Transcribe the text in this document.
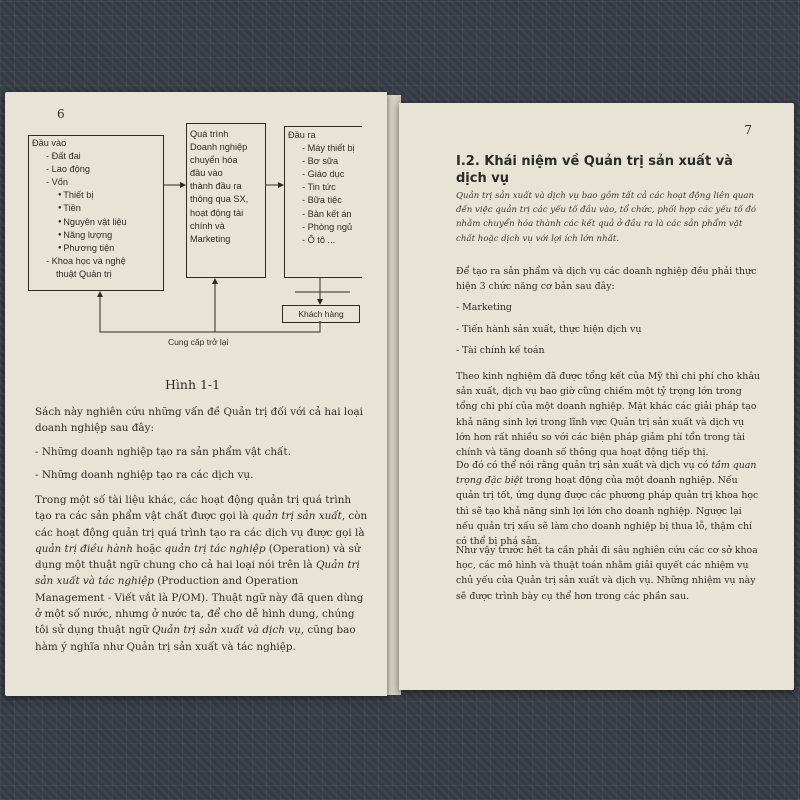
6
Đầu vào
- Đất đai
- Lao động
- Vốn
● Thiết bị
● Tiền
● Nguyên vật liệu
● Năng lượng
● Phương tiện
- Khoa học và nghệ
thuật Quản trị
Quá trình
Doanh nghiệp
chuyển hóa
đầu vào
thành đầu ra
thông qua SX,
hoạt động tài
chính và
Marketing
Đầu ra
- Máy thiết bị
- Bơ sữa
- Giáo dục
- Tin tức
- Bữa tiệc
- Bản kết án
- Phòng ngủ
- Ô tô ...
Khách hàng
Cung cấp trở lại
Hình 1-1
Sách này nghiên cứu những vấn đề Quản trị đối với cả hai loại doanh nghiệp sau đây:
- Những doanh nghiệp tạo ra sản phẩm vật chất.
- Những doanh nghiệp tạo ra các dịch vụ.

Trong một số tài liệu khác, các hoạt động quản trị quá trình tạo ra các sản phẩm vật chất được gọi là quản trị sản xuất, còn các hoạt động quản trị quá trình tạo ra các dịch vụ được gọi là quản trị điều hành hoặc quản trị tác nghiệp (Operation) và sử dụng một thuật ngữ chung cho cả hai loại nói trên là Quản trị sản xuất và tác nghiệp (Production and Operation Management - Viết vắt là P/OM). Thuật ngữ này đã quen dùng ở một số nước, nhưng ở nước ta, để cho dễ hình dung, chúng tôi sử dụng thuật ngữ Quản trị sản xuất và dịch vụ, cũng bao hàm ý nghĩa như Quản trị sản xuất và tác nghiệp.

7
I.2. Khái niệm về Quản trị sản xuất và dịch vụ
Quản trị sản xuất và dịch vụ bao gồm tất cả các hoạt động liên quan đến việc quản trị các yếu tố đầu vào, tổ chức, phối hợp các yếu tố đó nhằm chuyển hóa thành các kết quả ở đầu ra là các sản phẩm vật chất hoặc dịch vụ với lợi ích lớn nhất.
Để tạo ra sản phẩm và dịch vụ các doanh nghiệp đều phải thực hiện 3 chức năng cơ bản sau đây:
- Marketing
- Tiến hành sản xuất, thực hiện dịch vụ
- Tài chính kế toán
Theo kinh nghiệm đã được tổng kết của Mỹ thì chi phí cho khâu sản xuất, dịch vụ bao giờ cũng chiếm một tỷ trọng lớn trong tổng chi phí của một doanh nghiệp. Mặt khác các giải pháp tạo khả năng sinh lợi trong lĩnh vực Quản trị sản xuất và dịch vụ lớn hơn rất nhiều so với các biện pháp giảm phí tổn trong tài chính và tăng doanh số thông qua hoạt động tiếp thị.

Do đó có thể nói rằng quản trị sản xuất và dịch vụ có tầm quan trọng đặc biệt trong hoạt động của một doanh nghiệp. Nếu quản trị tốt, ứng dụng được các phương pháp quản trị khoa học thì sẽ tạo khả năng sinh lợi lớn cho doanh nghiệp. Ngược lại nếu quản trị xấu sẽ làm cho doanh nghiệp bị thua lỗ, thậm chí có thể bị phá sản.

Như vậy trước hết ta cần phải đi sâu nghiên cứu các cơ sở khoa học, các mô hình và thuật toán nhằm giải quyết các nhiệm vụ chủ yếu của Quản trị sản xuất và dịch vụ. Những nhiệm vụ này sẽ được trình bày cụ thể hơn trong các phần sau.
